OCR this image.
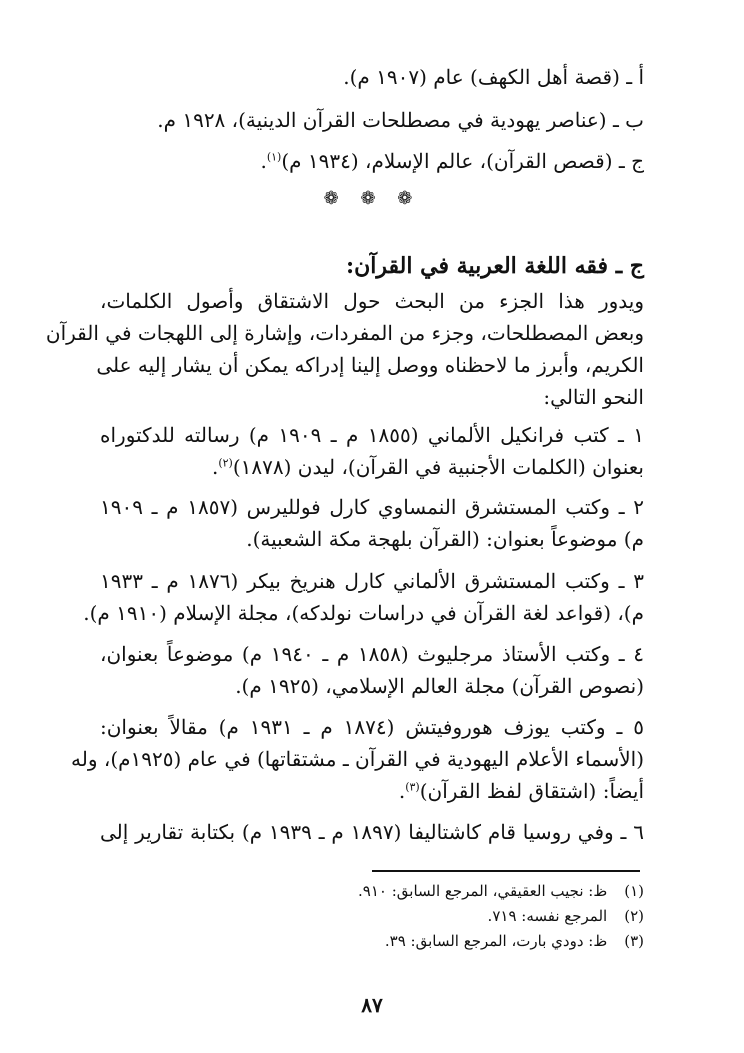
أ ـ (قصة أهل الكهف) عام (١٩٠٧ م).
ب ـ (عناصر يهودية في مصطلحات القرآن الدينية)، ١٩٢٨ م.
ج ـ (قصص القرآن)، عالم الإسلام، (١٩٣٤ م)$^{(١)}$.
❁ ❁ ❁
ج ـ فقه اللغة العربية في القرآن:
ويدور هذا الجزء من البحث حول الاشتقاق وأصول الكلمات،
وبعض المصطلحات، وجزء من المفردات، وإشارة إلى اللهجات في القرآن
الكريم، وأبرز ما لاحظناه ووصل إلينا إدراكه يمكن أن يشار إليه على
النحو التالي:
١ ـ كتب فرانكيل الألماني (١٨٥٥ م ـ ١٩٠٩ م) رسالته للدكتوراه
بعنوان (الكلمات الأجنبية في القرآن)، ليدن (١٨٧٨)$^{(٢)}$.
٢ ـ وكتب المستشرق النمساوي كارل فولليرس (١٨٥٧ م ـ ١٩٠٩
م) موضوعاً بعنوان: (القرآن بلهجة مكة الشعبية).
٣ ـ وكتب المستشرق الألماني كارل هنريخ بيكر (١٨٧٦ م ـ ١٩٣٣
م)، (قواعد لغة القرآن في دراسات نولدكه)، مجلة الإسلام (١٩١٠ م).
٤ ـ وكتب الأستاذ مرجليوث (١٨٥٨ م ـ ١٩٤٠ م) موضوعاً بعنوان،
(نصوص القرآن) مجلة العالم الإسلامي، (١٩٢٥ م).
٥ ـ وكتب يوزف هوروفيتش (١٨٧٤ م ـ ١٩٣١ م) مقالاً بعنوان:
(الأسماء الأعلام اليهودية في القرآن ـ مشتقاتها) في عام (١٩٢٥م)، وله
أيضاً: (اشتقاق لفظ القرآن)$^{(٣)}$.
٦ ـ وفي روسيا قام كاشتاليفا (١٨٩٧ م ـ ١٩٣٩ م) بكتابة تقارير إلى
(١) ظ: نجيب العقيقي، المرجع السابق: ٩١٠.
(٢) المرجع نفسه: ٧١٩.
(٣) ظ: دودي بارت، المرجع السابق: ٣٩.
٨٧
